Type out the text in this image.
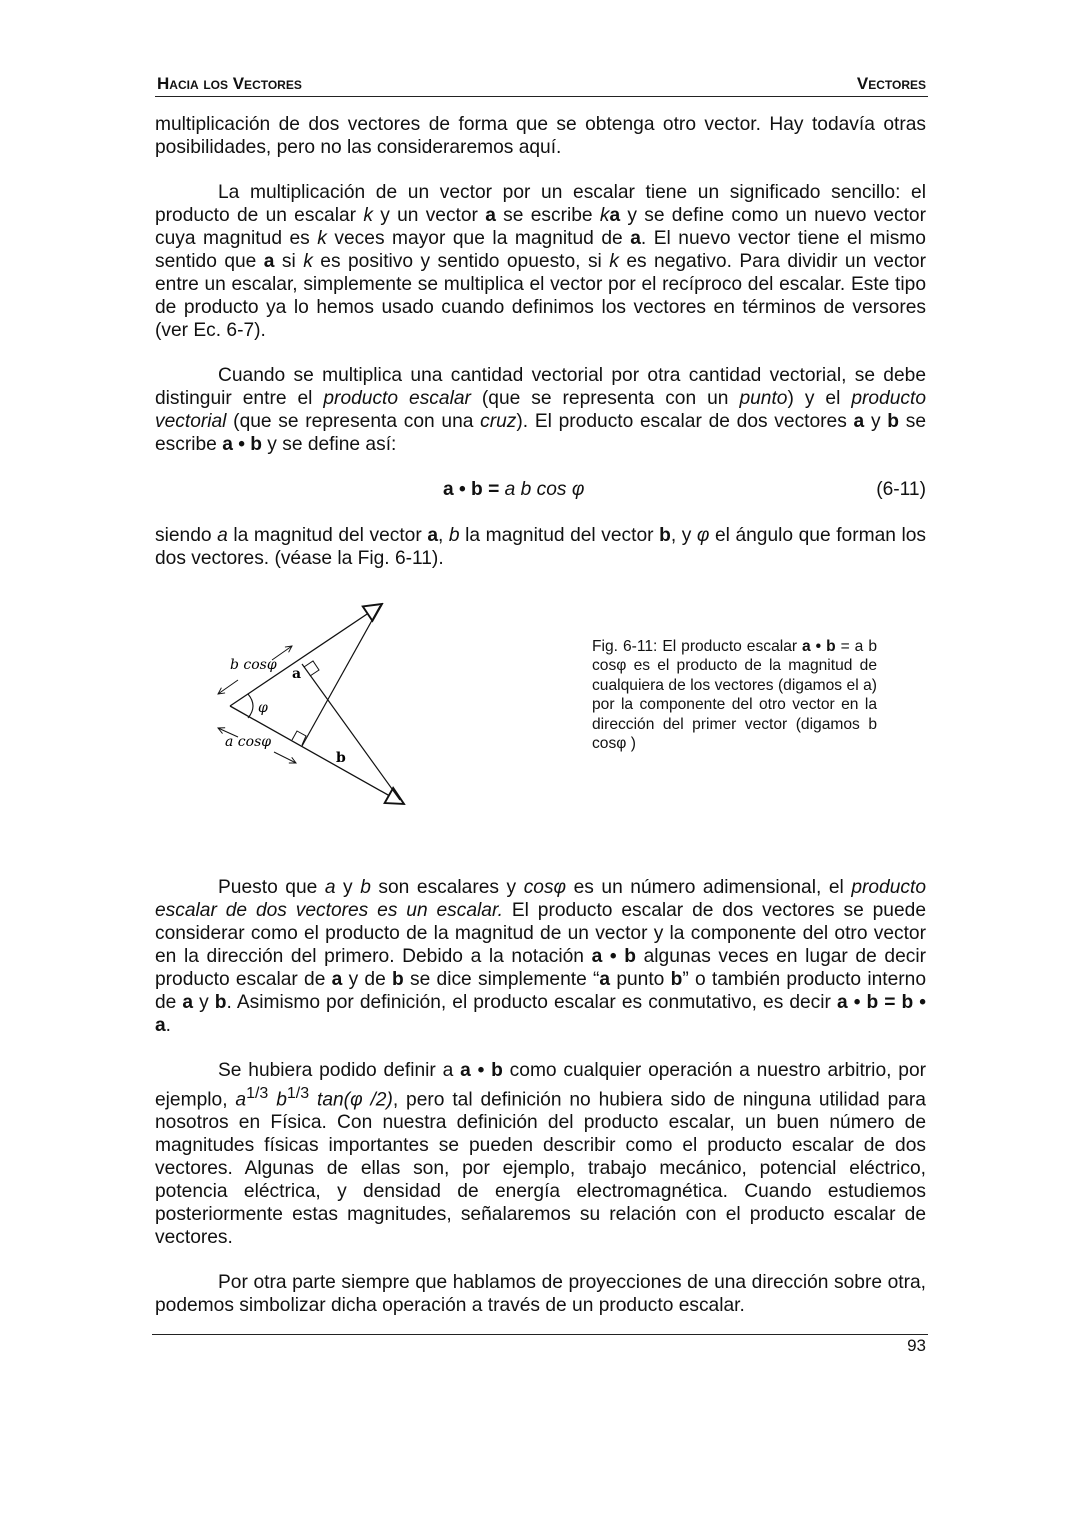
Hacia los Vectores	Vectores

multiplicación de dos vectores de forma que se obtenga otro vector. Hay todavía otras posibilidades, pero no las consideraremos aquí.

La multiplicación de un vector por un escalar tiene un significado sencillo: el producto de un escalar k y un vector a se escribe ka y se define como un nuevo vector cuya magnitud es k veces mayor que la magnitud de a. El nuevo vector tiene el mismo sentido que a si k es positivo y sentido opuesto, si k es negativo. Para dividir un vector entre un escalar, simplemente se multiplica el vector por el recíproco del escalar. Este tipo de producto ya lo hemos usado cuando definimos los vectores en términos de versores (ver Ec. 6-7).

Cuando se multiplica una cantidad vectorial por otra cantidad vectorial, se debe distinguir entre el producto escalar (que se representa con un punto) y el producto vectorial (que se representa con una cruz). El producto escalar de dos vectores a y b se escribe a • b y se define así:

a • b = a b cos φ	(6-11)

siendo a la magnitud del vector a, b la magnitud del vector b, y φ el ángulo que forman los dos vectores. (véase la Fig. 6-11).

b cosφ
a cosφ
a
b
φ
Fig. 6-11: El producto escalar a • b = a b cosφ es el producto de la magnitud de cualquiera de los vectores (digamos el a) por la componente del otro vector en la dirección del primer vector (digamos b cosφ )

Puesto que a y b son escalares y cosφ es un número adimensional, el producto escalar de dos vectores es un escalar. El producto escalar de dos vectores se puede considerar como el producto de la magnitud de un vector y la componente del otro vector en la dirección del primero. Debido a la notación a • b algunas veces en lugar de decir producto escalar de a y de b se dice simplemente “a punto b” o también producto interno de a y b. Asimismo por definición, el producto escalar es conmutativo, es decir a • b = b • a.

Se hubiera podido definir a a • b como cualquier operación a nuestro arbitrio, por ejemplo, $a^{1/3}$ $b^{1/3}$ tan(φ /2), pero tal definición no hubiera sido de ninguna utilidad para nosotros en Física. Con nuestra definición del producto escalar, un buen número de magnitudes físicas importantes se pueden describir como el producto escalar de dos vectores. Algunas de ellas son, por ejemplo, trabajo mecánico, potencial eléctrico, potencia eléctrica, y densidad de energía electromagnética. Cuando estudiemos posteriormente estas magnitudes, señalaremos su relación con el producto escalar de vectores.

Por otra parte siempre que hablamos de proyecciones de una dirección sobre otra, podemos simbolizar dicha operación a través de un producto escalar.

93
